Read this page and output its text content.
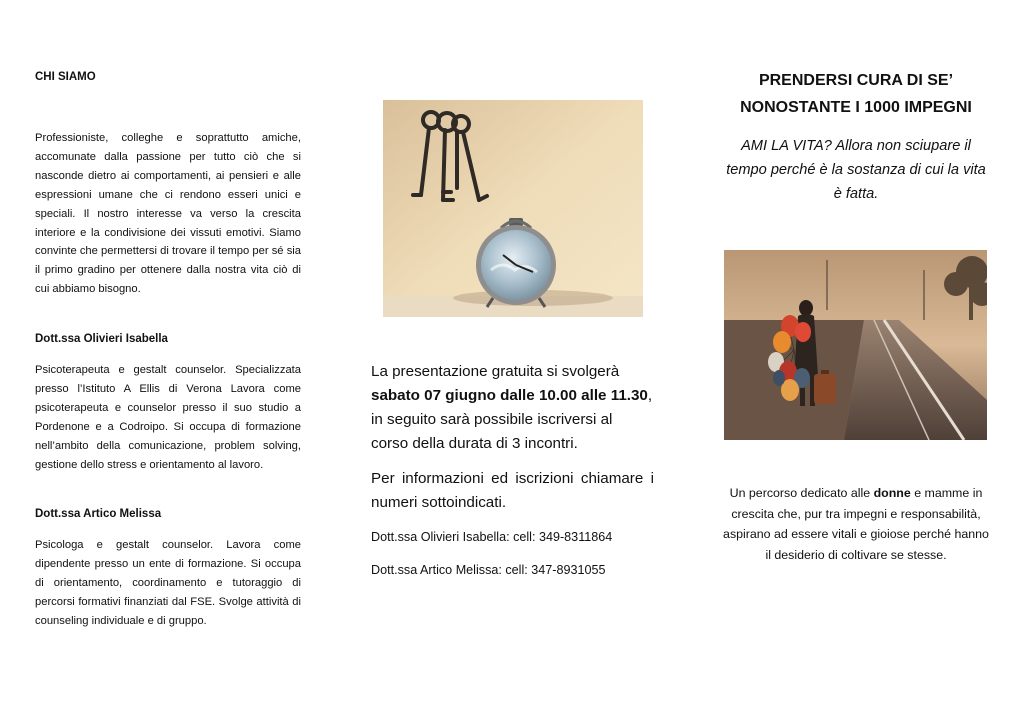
CHI SIAMO

Professioniste, colleghe e soprattutto amiche, accomunate dalla passione per tutto ciò che si nasconde dietro ai comportamenti, ai pensieri e alle espressioni umane che ci rendono esseri unici e speciali. Il nostro interesse va verso la crescita interiore e la condivisione dei vissuti emotivi. Siamo convinte che permettersi di trovare il tempo per sé sia il primo gradino per ottenere dalla nostra vita ciò di cui abbiamo bisogno.

Dott.ssa Olivieri Isabella

Psicoterapeuta e gestalt counselor. Specializzata presso l’Istituto A Ellis di Verona Lavora come psicoterapeuta e counselor presso il suo studio a Pordenone e a Codroipo. Si occupa di formazione nell’ambito della comunicazione, problem solving, gestione dello stress e orientamento al lavoro.

Dott.ssa Artico Melissa

Psicologa e gestalt counselor. Lavora come dipendente presso un ente di formazione. Si occupa di orientamento, coordinamento e tutoraggio di percorsi formativi finanziati dal FSE. Svolge attività di counseling individuale e di gruppo.

La presentazione gratuita si svolgerà
sabato 07 giugno dalle 10.00 alle 11.30,
in seguito sarà possibile iscriversi al corso della durata di 3 incontri.
Per informazioni ed iscrizioni chiamare i numeri sottoindicati.
Dott.ssa Olivieri Isabella: cell: 349-8311864
Dott.ssa Artico Melissa: cell: 347-8931055
PRENDERSI CURA DI SE’
NONOSTANTE I 1000 IMPEGNI
AMI LA VITA? Allora non sciupare il tempo perché è la sostanza di cui la vita è fatta.
Un percorso dedicato alle donne e mamme in crescita che, pur tra impegni e responsabilità, aspirano ad essere vitali e gioiose perché hanno il desiderio di coltivare se stesse.
